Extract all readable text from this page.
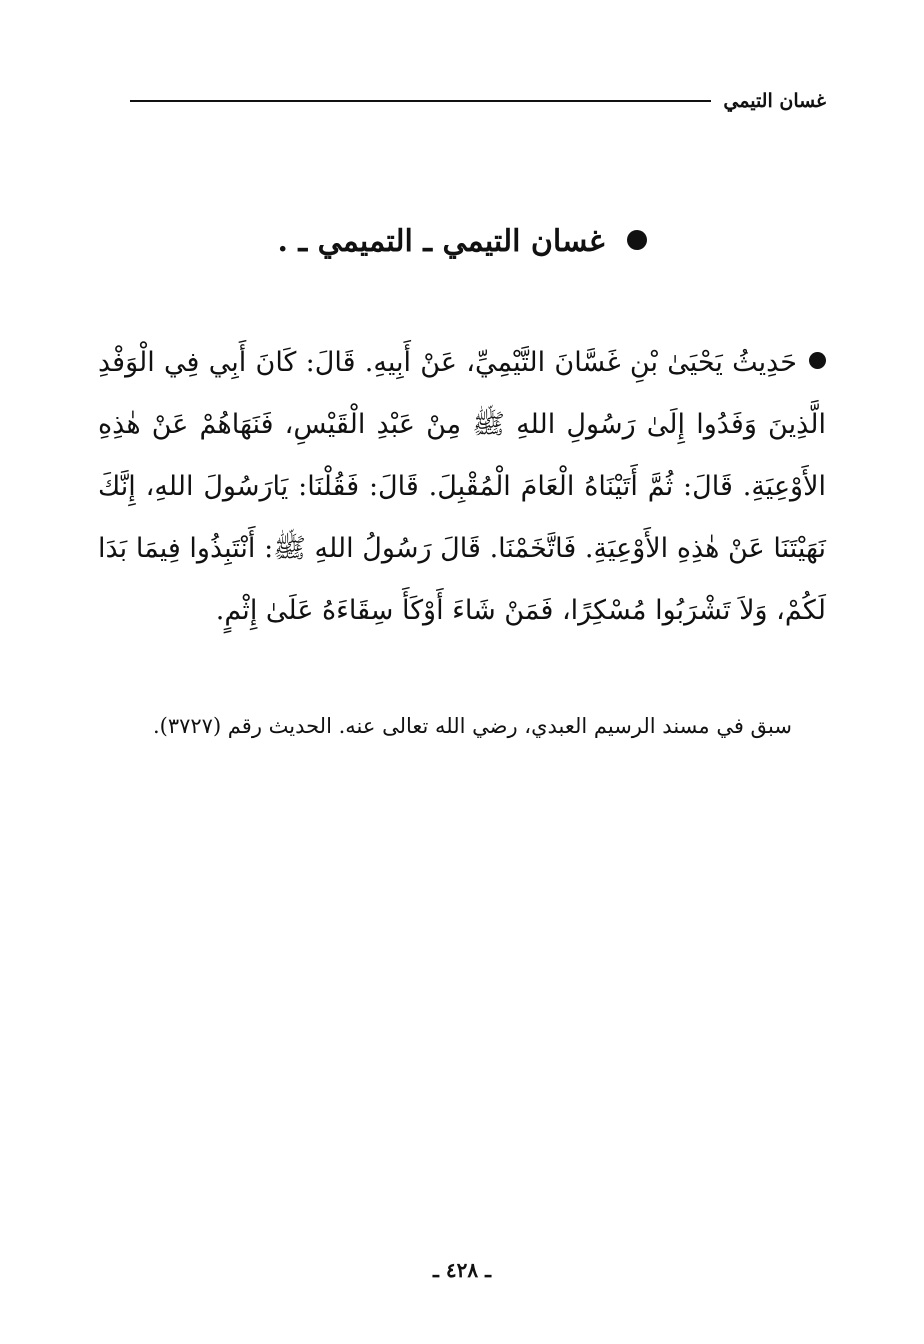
غسان التيمي
غسان التيمي ـ التميمي ـ .
حَدِيثُ يَحْيَىٰ بْنِ غَسَّانَ التَّيْمِيِّ، عَنْ أَبِيهِ. قَالَ: كَانَ أَبِي فِي الْوَفْدِ الَّذِينَ وَفَدُوا إِلَىٰ رَسُولِ اللهِ ﷺ مِنْ عَبْدِ الْقَيْسِ، فَنَهَاهُمْ عَنْ هٰذِهِ الأَوْعِيَةِ. قَالَ: ثُمَّ أَتَيْنَاهُ الْعَامَ الْمُقْبِلَ. قَالَ: فَقُلْنَا: يَارَسُولَ اللهِ، إِنَّكَ نَهَيْتَنَا عَنْ هٰذِهِ الأَوْعِيَةِ. فَاتَّخَمْنَا. قَالَ رَسُولُ اللهِ ﷺ: أَنْتَبِذُوا فِيمَا بَدَا لَكُمْ، وَلاَ تَشْرَبُوا مُسْكِرًا، فَمَنْ شَاءَ أَوْكَأَ سِقَاءَهُ عَلَىٰ إِثْمٍ.
سبق في مسند الرسيم العبدي، رضي الله تعالى عنه. الحديث رقم (٣٧٢٧).
ـ ٤٢٨ ـ
